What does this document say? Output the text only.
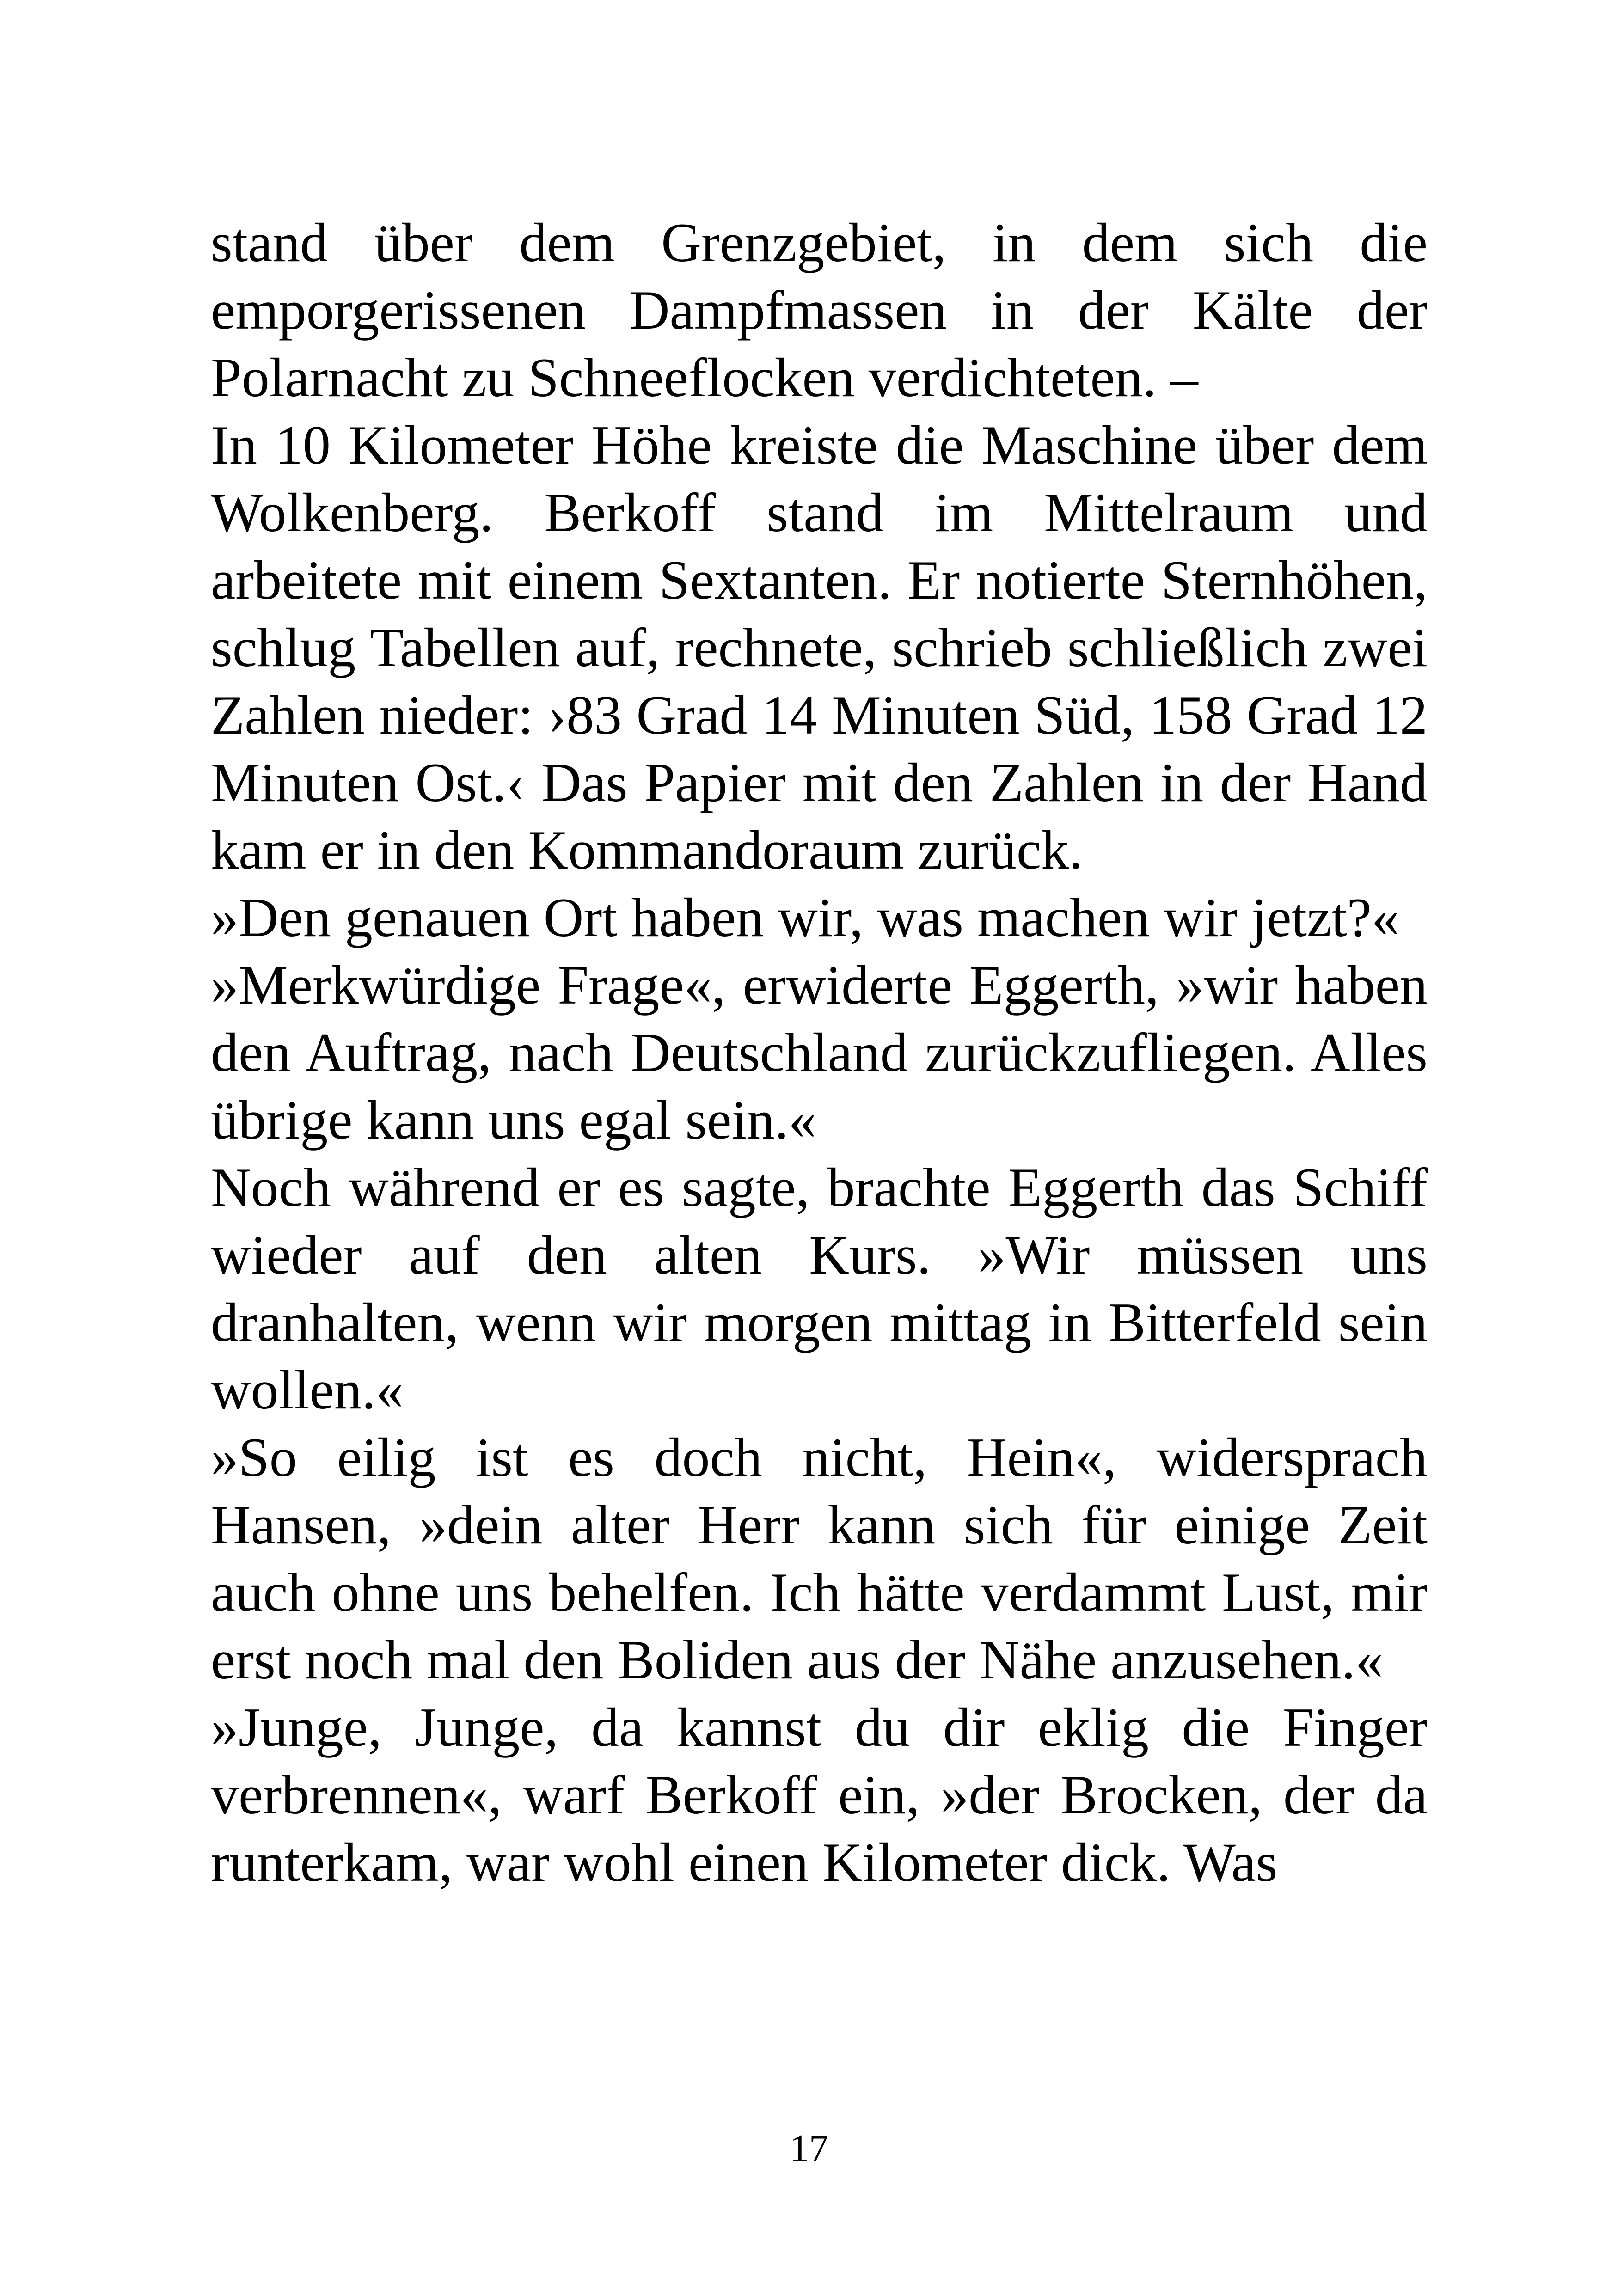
stand über dem Grenzgebiet, in dem sich die emporgerissenen Dampfmassen in der Kälte der Polarnacht zu Schneeflocken verdichteten. –

In 10 Kilometer Höhe kreiste die Maschine über dem Wolkenberg. Berkoff stand im Mittelraum und arbeitete mit einem Sextanten. Er notierte Sternhöhen, schlug Tabellen auf, rechnete, schrieb schließlich zwei Zahlen nieder: ›83 Grad 14 Minuten Süd, 158 Grad 12 Minuten Ost.‹ Das Papier mit den Zahlen in der Hand kam er in den Kommandoraum zurück.

»Den genauen Ort haben wir, was machen wir jetzt?«

»Merkwürdige Frage«, erwiderte Eggerth, »wir haben den Auftrag, nach Deutschland zurückzufliegen. Alles übrige kann uns egal sein.«

Noch während er es sagte, brachte Eggerth das Schiff wieder auf den alten Kurs. »Wir müssen uns dranhalten, wenn wir morgen mittag in Bitterfeld sein wollen.«

»So eilig ist es doch nicht, Hein«, widersprach Hansen, »dein alter Herr kann sich für einige Zeit auch ohne uns behelfen. Ich hätte verdammt Lust, mir erst noch mal den Boliden aus der Nähe anzusehen.«

»Junge, Junge, da kannst du dir eklig die Finger verbrennen«, warf Berkoff ein, »der Brocken, der da runterkam, war wohl einen Kilometer dick. Was

17
